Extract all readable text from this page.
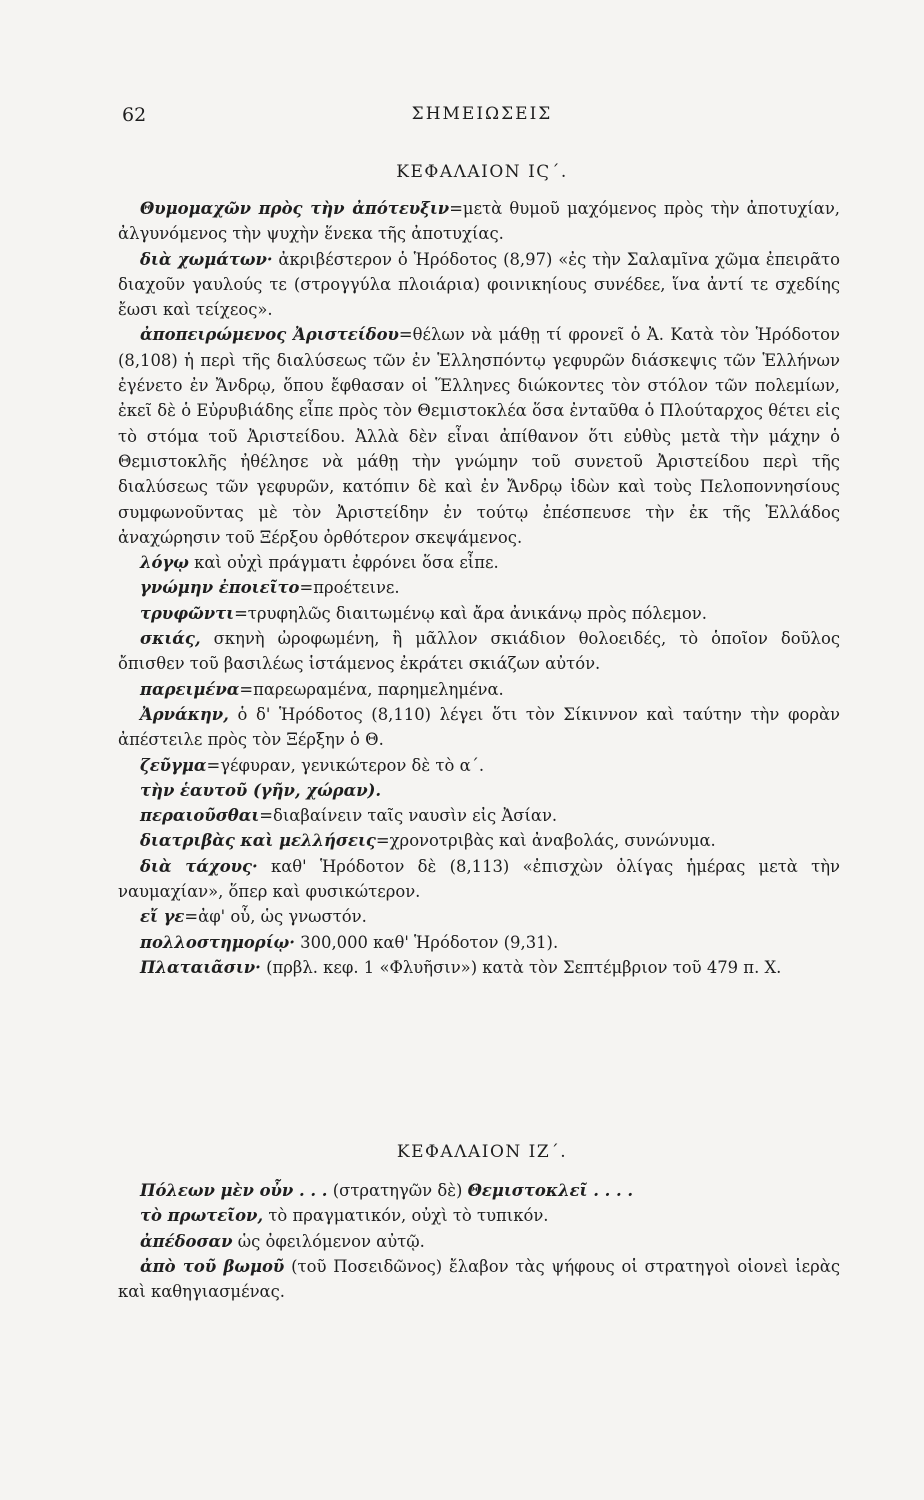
62	ΣΗΜΕΙΩΣΕΙΣ
ΚΕΦΑΛΑΙΟΝ ΙϚ΄.

Θυμομαχῶν πρὸς τὴν ἀπότευξιν=μετὰ θυμοῦ μαχόμενος πρὸς τὴν ἀποτυχίαν, ἀλγυνόμενος τὴν ψυχὴν ἕνεκα τῆς ἀποτυχίας.

διὰ χωμάτων· ἀκριβέστερον ὁ Ἡρόδοτος (8,97) «ἐς τὴν Σαλαμῖνα χῶμα ἐπειρᾶτο διαχοῦν γαυλούς τε (στρογγύλα πλοιάρια) φοινικηίους συνέδεε, ἵνα ἀντί τε σχεδίης ἔωσι καὶ τείχεος».

ἀποπειρώμενος Ἀριστείδου=θέλων νὰ μάθῃ τί φρονεῖ ὁ Ἀ. Κατὰ τὸν Ἡρόδοτον (8,108) ἡ περὶ τῆς διαλύσεως τῶν ἐν Ἑλλησπόντῳ γεφυρῶν διάσκεψις τῶν Ἑλλήνων ἐγένετο ἐν Ἄνδρῳ, ὅπου ἔφθασαν οἱ Ἕλληνες διώκοντες τὸν στόλον τῶν πολεμίων, ἐκεῖ δὲ ὁ Εὐρυβιάδης εἶπε πρὸς τὸν Θεμιστοκλέα ὅσα ἐνταῦθα ὁ Πλούταρχος θέτει εἰς τὸ στόμα τοῦ Ἀριστείδου. Ἀλλὰ δὲν εἶναι ἀπίθανον ὅτι εὐθὺς μετὰ τὴν μάχην ὁ Θεμιστοκλῆς ἠθέλησε νὰ μάθῃ τὴν γνώμην τοῦ συνετοῦ Ἀριστείδου περὶ τῆς διαλύσεως τῶν γεφυρῶν, κατόπιν δὲ καὶ ἐν Ἄνδρῳ ἰδὼν καὶ τοὺς Πελοποννησίους συμφωνοῦντας μὲ τὸν Ἀριστείδην ἐν τούτῳ ἐπέσπευσε τὴν ἐκ τῆς Ἑλλάδος ἀναχώρησιν τοῦ Ξέρξου ὀρθότερον σκεψάμενος.

λόγῳ καὶ οὐχὶ πράγματι ἐφρόνει ὅσα εἶπε.

γνώμην ἐποιεῖτο=προέτεινε.

τρυφῶντι=τρυφηλῶς διαιτωμένῳ καὶ ἄρα ἀνικάνῳ πρὸς πόλεμον.

σκιάς, σκηνὴ ὠροφωμένη, ἢ μᾶλλον σκιάδιον θολοειδές, τὸ ὁποῖον δοῦλος ὄπισθεν τοῦ βασιλέως ἱστάμενος ἐκράτει σκιάζων αὐτόν.

παρειμένα=παρεωραμένα, παρημελημένα.

Ἀρνάκην, ὁ δ' Ἡρόδοτος (8,110) λέγει ὅτι τὸν Σίκιννον καὶ ταύτην τὴν φορὰν ἀπέστειλε πρὸς τὸν Ξέρξην ὁ Θ.

ζεῦγμα=γέφυραν, γενικώτερον δὲ τὸ α΄.

τὴν ἑαυτοῦ (γῆν, χώραν).

περαιοῦσθαι=διαβαίνειν ταῖς ναυσὶν εἰς Ἀσίαν.

διατριβὰς καὶ μελλήσεις=χρονοτριβὰς καὶ ἀναβολάς, συνώνυμα.

διὰ τάχους· καθ' Ἡρόδοτον δὲ (8,113) «ἐπισχὼν ὀλίγας ἡμέρας μετὰ τὴν ναυμαχίαν», ὅπερ καὶ φυσικώτερον.

εἴ γε=ἀφ' οὗ, ὡς γνωστόν.

πολλοστημορίῳ· 300,000 καθ' Ἡρόδοτον (9,31).

Πλαταιᾶσιν· (πρβλ. κεφ. 1 «Φλυῆσιν») κατὰ τὸν Σεπτέμβριον τοῦ 479 π. Χ.

ΚΕΦΑΛΑΙΟΝ ΙΖ΄.

Πόλεων μὲν οὖν . . . (στρατηγῶν δὲ) Θεμιστοκλεῖ . . . .

τὸ πρωτεῖον, τὸ πραγματικόν, οὐχὶ τὸ τυπικόν.

ἀπέδοσαν ὡς ὀφειλόμενον αὐτῷ.

ἀπὸ τοῦ βωμοῦ (τοῦ Ποσειδῶνος) ἔλαβον τὰς ψήφους οἱ στρατηγοὶ οἱονεὶ ἱερὰς καὶ καθηγιασμένας.
